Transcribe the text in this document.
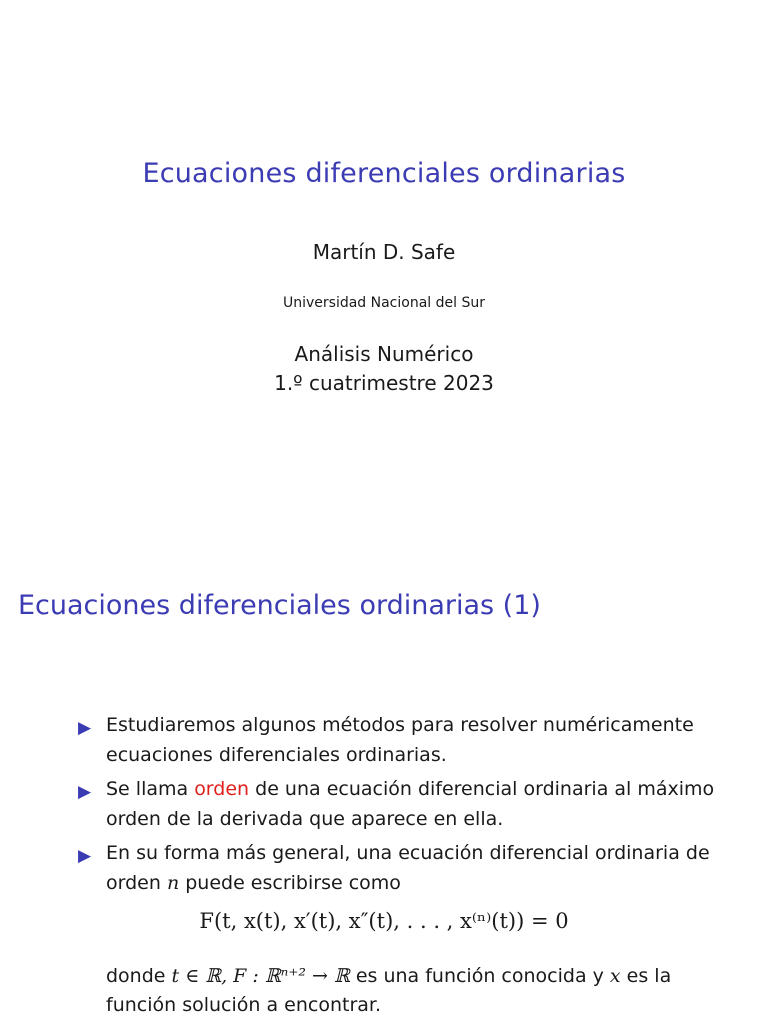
Ecuaciones diferenciales ordinarias
Martín D. Safe
Universidad Nacional del Sur
Análisis Numérico
1.º cuatrimestre 2023
Ecuaciones diferenciales ordinarias (1)
▶ Estudiaremos algunos métodos para resolver numéricamente ecuaciones diferenciales ordinarias.
▶ Se llama orden de una ecuación diferencial ordinaria al máximo orden de la derivada que aparece en ella.
▶ En su forma más general, una ecuación diferencial ordinaria de orden n puede escribirse como
F(t, x(t), x′(t), x″(t), . . . , x⁽ⁿ⁾(t)) = 0
donde t ∈ ℝ, F : ℝⁿ⁺² → ℝ es una función conocida y x es la función solución a encontrar.
